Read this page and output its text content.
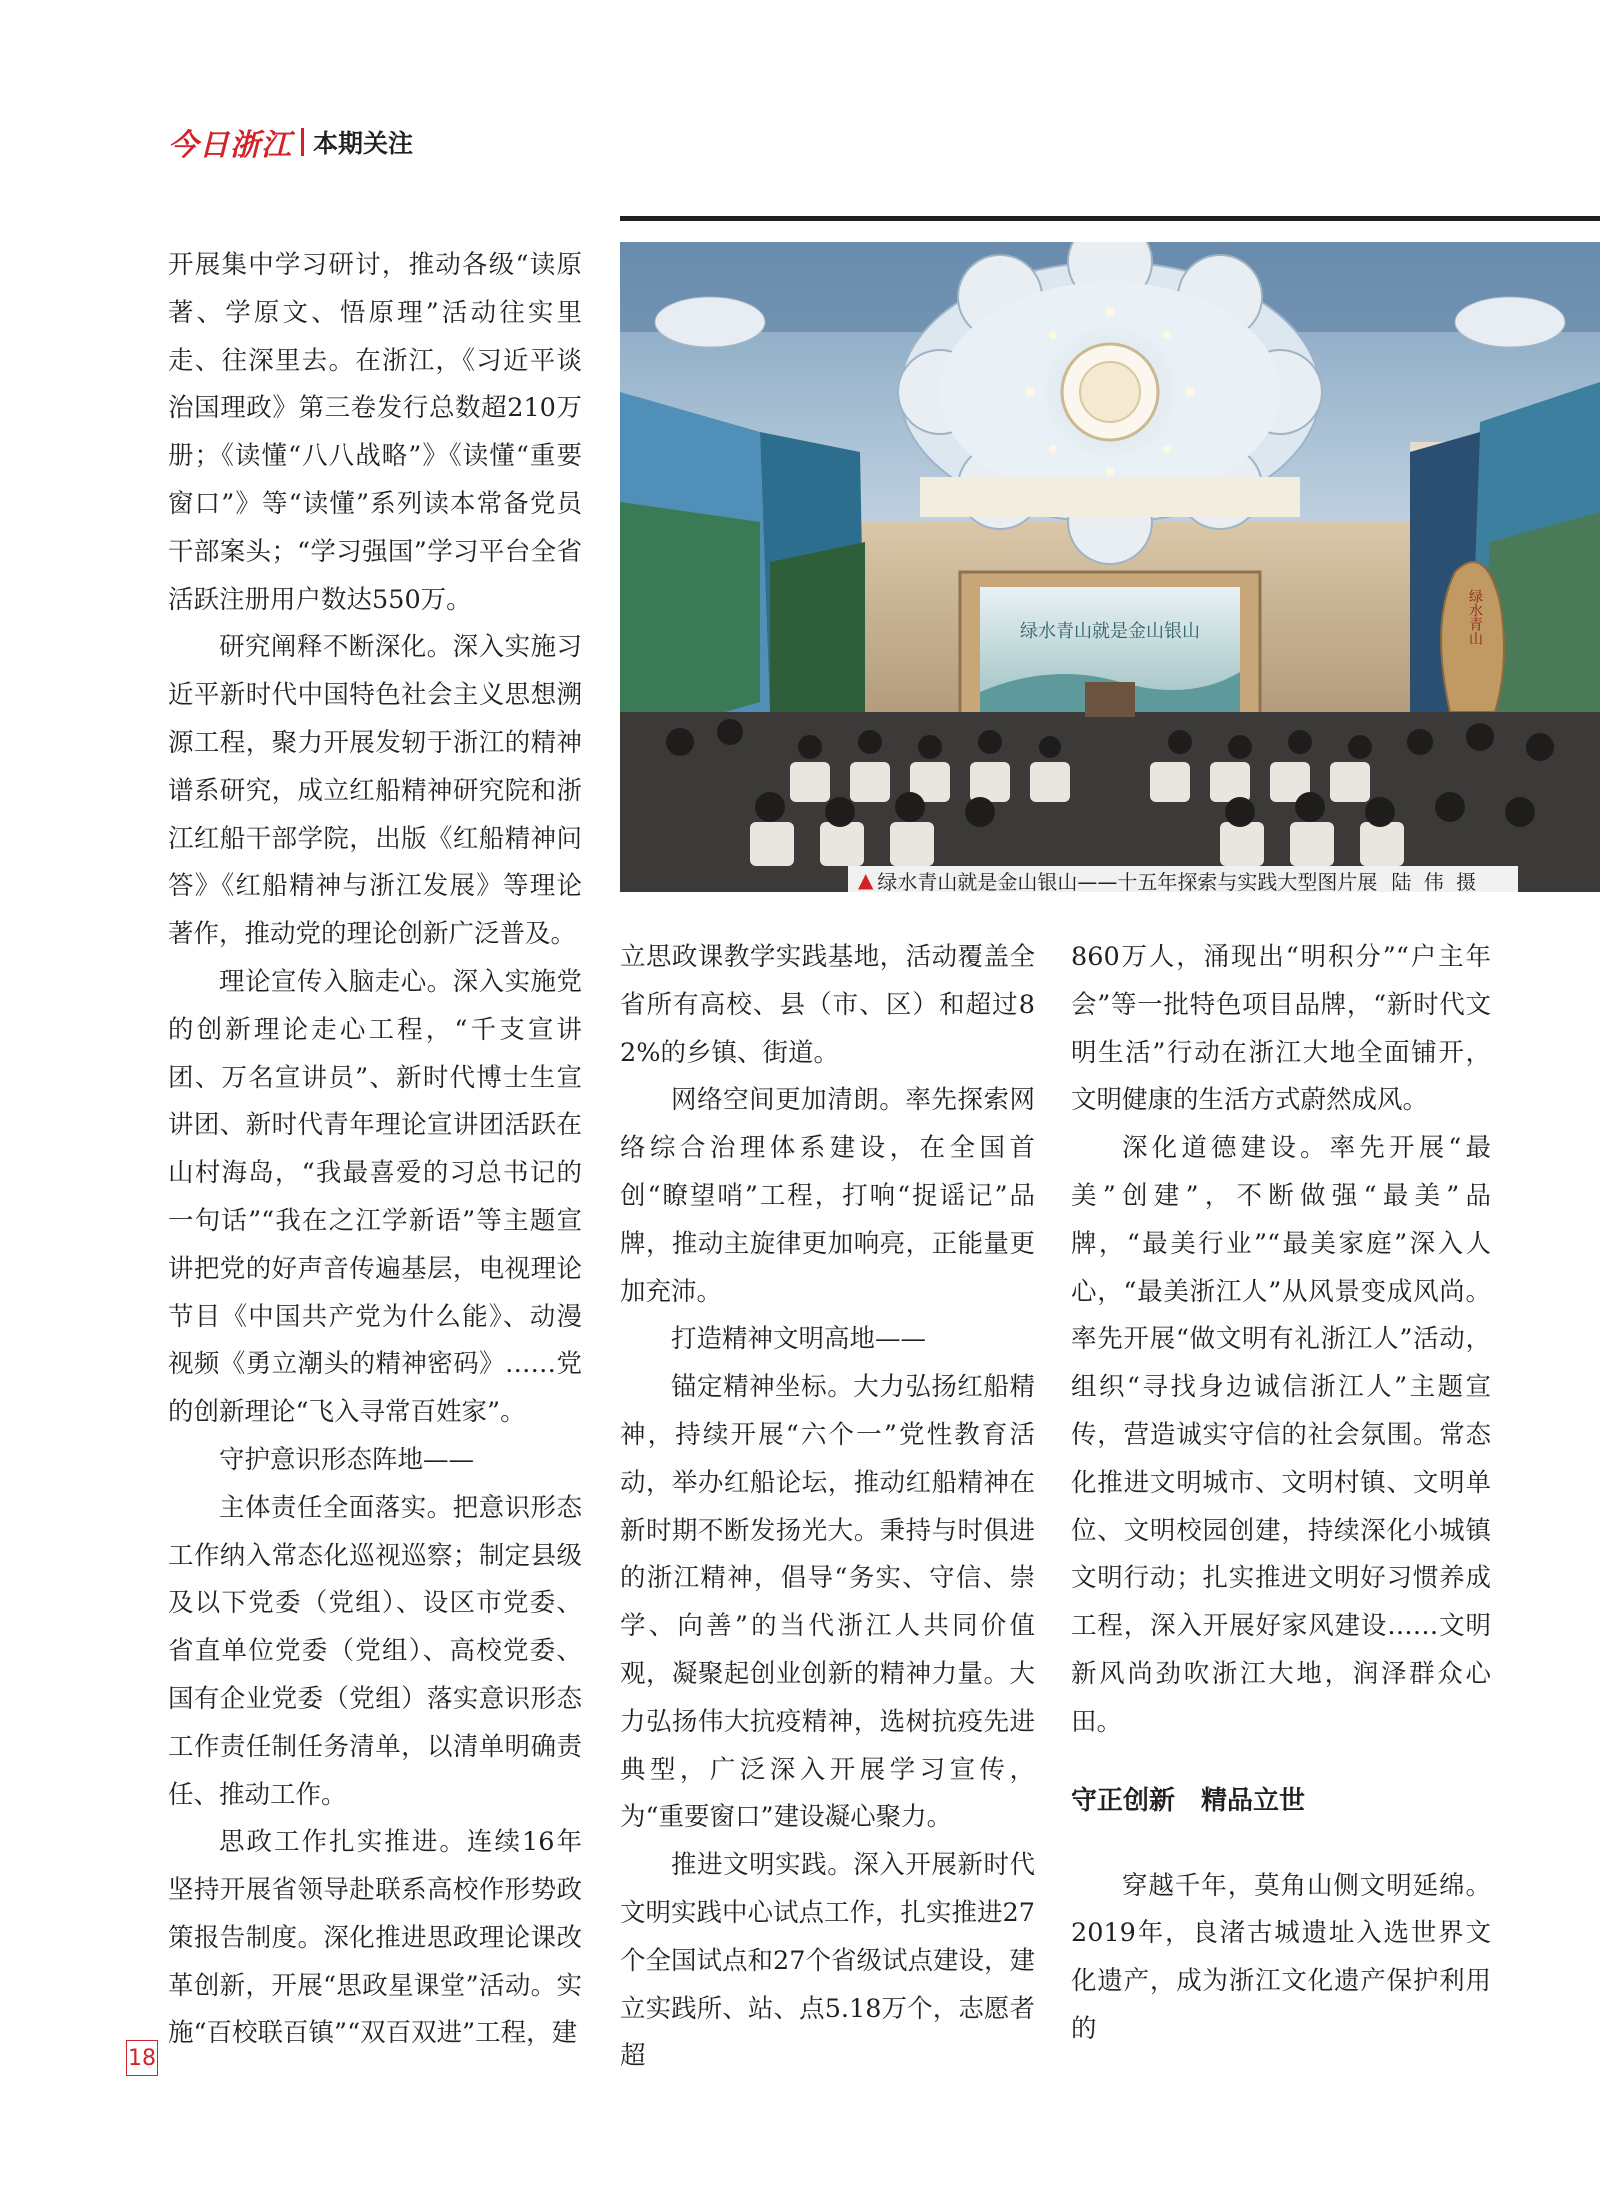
今日浙江 本期关注

开展集中学习研讨，推动各级“读原著、学原文、悟原理”活动往实里走、往深里去。在浙江，《习近平谈治国理政》第三卷发行总数超210万册；《读懂“八八战略”》《读懂“重要窗口”》等“读懂”系列读本常备党员干部案头；“学习强国”学习平台全省活跃注册用户数达550万。

研究阐释不断深化。深入实施习近平新时代中国特色社会主义思想溯源工程，聚力开展发轫于浙江的精神谱系研究，成立红船精神研究院和浙江红船干部学院，出版《红船精神问答》《红船精神与浙江发展》等理论著作，推动党的理论创新广泛普及。

理论宣传入脑走心。深入实施党的创新理论走心工程，“千支宣讲团、万名宣讲员”、新时代博士生宣讲团、新时代青年理论宣讲团活跃在山村海岛，“我最喜爱的习总书记的一句话”“我在之江学新语”等主题宣讲把党的好声音传遍基层，电视理论节目《中国共产党为什么能》、动漫视频《勇立潮头的精神密码》……党的创新理论“飞入寻常百姓家”。

守护意识形态阵地——

主体责任全面落实。把意识形态工作纳入常态化巡视巡察；制定县级及以下党委（党组）、设区市党委、省直单位党委（党组）、高校党委、国有企业党委（党组）落实意识形态工作责任制任务清单，以清单明确责任、推动工作。

思政工作扎实推进。连续16年坚持开展省领导赴联系高校作形势政策报告制度。深化推进思政理论课改革创新，开展“思政星课堂”活动。实施“百校联百镇”“双百双进”工程，建

绿水青山就是金山银山	绿水青山
▲ 绿水青山就是金山银山——十五年探索与实践大型图片展 陆 伟 摄

立思政课教学实践基地，活动覆盖全省所有高校、县（市、区）和超过82%的乡镇、街道。

网络空间更加清朗。率先探索网络综合治理体系建设，在全国首创“瞭望哨”工程，打响“捉谣记”品牌，推动主旋律更加响亮，正能量更加充沛。

打造精神文明高地——

锚定精神坐标。大力弘扬红船精神，持续开展“六个一”党性教育活动，举办红船论坛，推动红船精神在新时期不断发扬光大。秉持与时俱进的浙江精神，倡导“务实、守信、崇学、向善”的当代浙江人共同价值观，凝聚起创业创新的精神力量。大力弘扬伟大抗疫精神，选树抗疫先进典型，广泛深入开展学习宣传，为“重要窗口”建设凝心聚力。

推进文明实践。深入开展新时代文明实践中心试点工作，扎实推进27个全国试点和27个省级试点建设，建立实践所、站、点5.18万个，志愿者超

860万人，涌现出“明积分”“户主年会”等一批特色项目品牌，“新时代文明生活”行动在浙江大地全面铺开，文明健康的生活方式蔚然成风。

深化道德建设。率先开展“最美”创建”，不断做强“最美”品牌，“最美行业”“最美家庭”深入人心，“最美浙江人”从风景变成风尚。率先开展“做文明有礼浙江人”活动，组织“寻找身边诚信浙江人”主题宣传，营造诚实守信的社会氛围。常态化推进文明城市、文明村镇、文明单位、文明校园创建，持续深化小城镇文明行动；扎实推进文明好习惯养成工程，深入开展好家风建设……文明新风尚劲吹浙江大地，润泽群众心田。

守正创新　精品立世

穿越千年，莫角山侧文明延绵。2019年，良渚古城遗址入选世界文化遗产，成为浙江文化遗产保护利用的

18
